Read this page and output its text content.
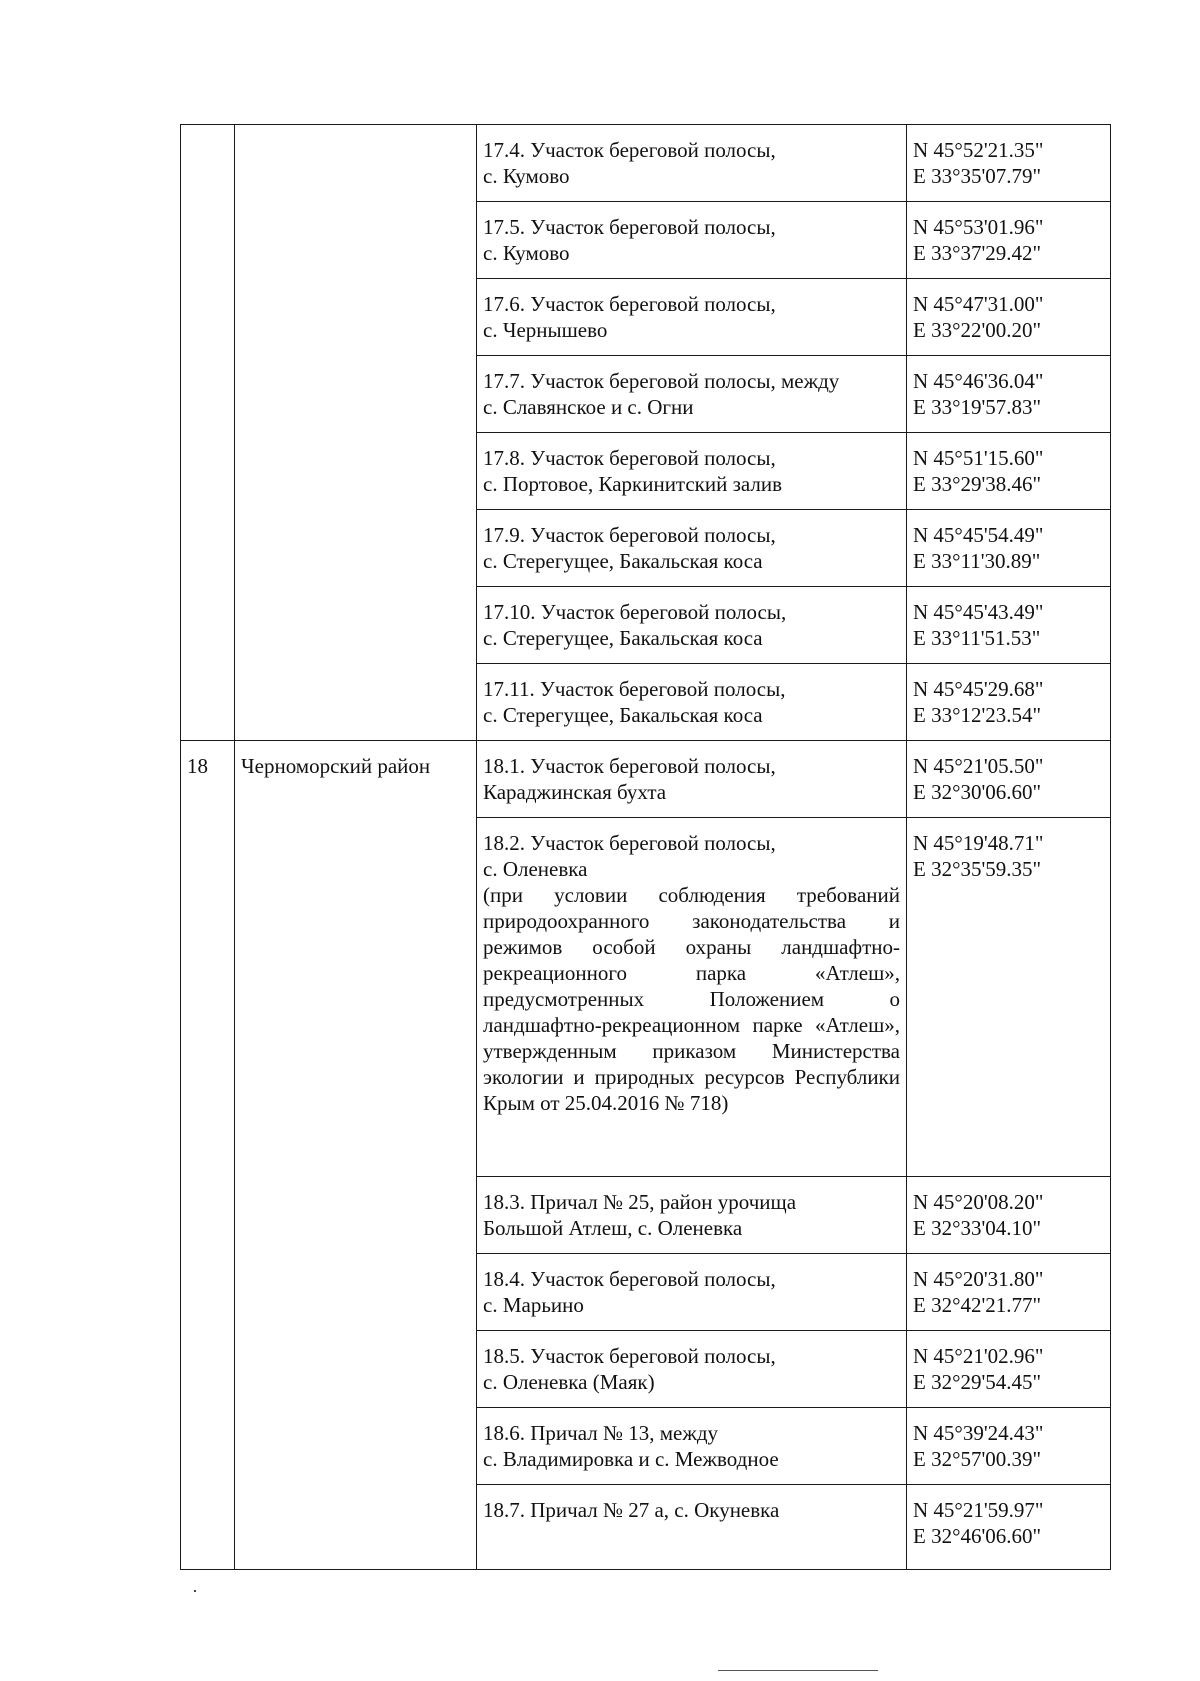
		17.4. Участок береговой полосы,
с. Кумово	N 45°52'21.35"
E 33°35'07.79"

		17.5. Участок береговой полосы,
с. Кумово	N 45°53'01.96"
E 33°37'29.42"

		17.6. Участок береговой полосы,
с. Чернышево	N 45°47'31.00"
E 33°22'00.20"

		17.7. Участок береговой полосы, между
с. Славянское и с. Огни	N 45°46'36.04"
E 33°19'57.83"

		17.8. Участок береговой полосы,
с. Портовое, Каркинитский залив	N 45°51'15.60"
E 33°29'38.46"

		17.9. Участок береговой полосы,
с. Стерегущее, Бакальская коса	N 45°45'54.49"
E 33°11'30.89"

		17.10. Участок береговой полосы,
с. Стерегущее, Бакальская коса	N 45°45'43.49"
E 33°11'51.53"

		17.11. Участок береговой полосы,
с. Стерегущее, Бакальская коса	N 45°45'29.68"
E 33°12'23.54"

18	Черноморский район	18.1. Участок береговой полосы,
Караджинская бухта	N 45°21'05.50"
E 32°30'06.60"

		18.2. Участок береговой полосы,
с. Оленевка
(при условии соблюдения требований природоохранного законодательства и режимов особой охраны ландшафтно-рекреационного парка «Атлеш», предусмотренных Положением о ландшафтно-рекреационном парке «Атлеш», утвержденным приказом Министерства экологии и природных ресурсов Республики Крым от 25.04.2016 № 718)	N 45°19'48.71"
E 32°35'59.35"

		18.3. Причал № 25, район урочища
Большой Атлеш, с. Оленевка	N 45°20'08.20"
E 32°33'04.10"

		18.4. Участок береговой полосы,
с. Марьино	N 45°20'31.80"
E 32°42'21.77"

		18.5. Участок береговой полосы,
с. Оленевка (Маяк)	N 45°21'02.96"
E 32°29'54.45"

		18.6. Причал № 13, между
с. Владимировка и с. Межводное	N 45°39'24.43"
E 32°57'00.39"

		18.7. Причал № 27 а, с. Окуневка	N 45°21'59.97"
E 32°46'06.60"
